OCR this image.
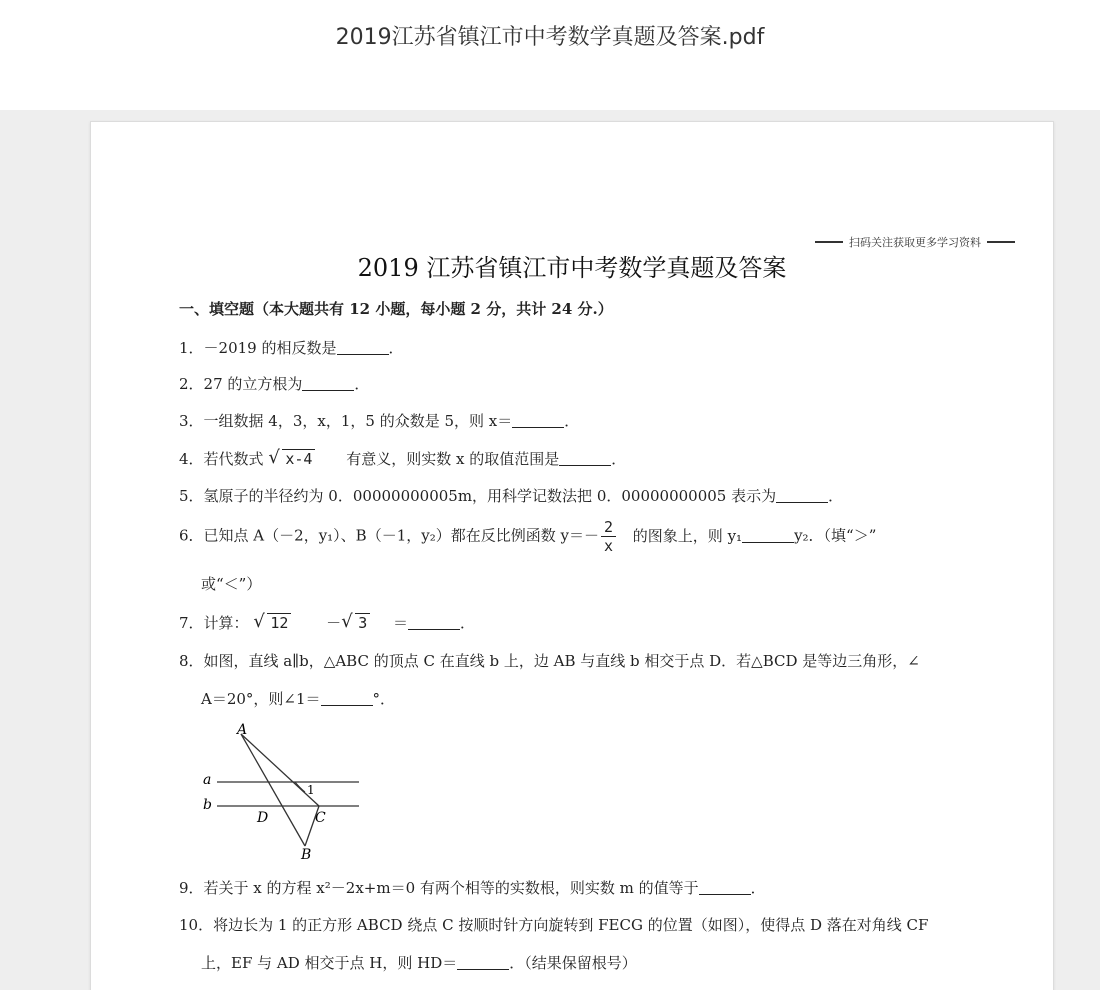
2019江苏省镇江市中考数学真题及答案.pdf
扫码关注获取更多学习资料
2019 江苏省镇江市中考数学真题及答案
一、填空题（本大题共有 12 小题，每小题 2 分，共计 24 分.）
1．－2019 的相反数是	．
2．27 的立方根为	．
3．一组数据 4，3，x，1，5 的众数是 5，则 x＝	．
4．若代数式 √ x-4 有意义，则实数 x 的取值范围是	．
5．氢原子的半径约为 0．00000000005m，用科学记数法把 0．00000000005 表示为	．
6．已知点 A（－2，y₁）、B（－1，y₂）都在反比例函数 $y=- \frac{2}{x}$ 的图象上，则 y₁	y₂．（填“＞”
或“＜”）
7．计算： √ 12	－ √ 3 ＝	．
8．如图，直线 a∥b，△ABC 的顶点 C 在直线 b 上，边 AB 与直线 b 相交于点 D．若△BCD 是等边三角形，∠
A＝20°，则∠1＝	°．
A
a
b
1
D	C
B
9．若关于 x 的方程 x²－2x+m＝0 有两个相等的实数根，则实数 m 的值等于	．
10．将边长为 1 的正方形 ABCD 绕点 C 按顺时针方向旋转到 FECG 的位置（如图），使得点 D 落在对角线 CF
上，EF 与 AD 相交于点 H，则 HD＝	．（结果保留根号）
